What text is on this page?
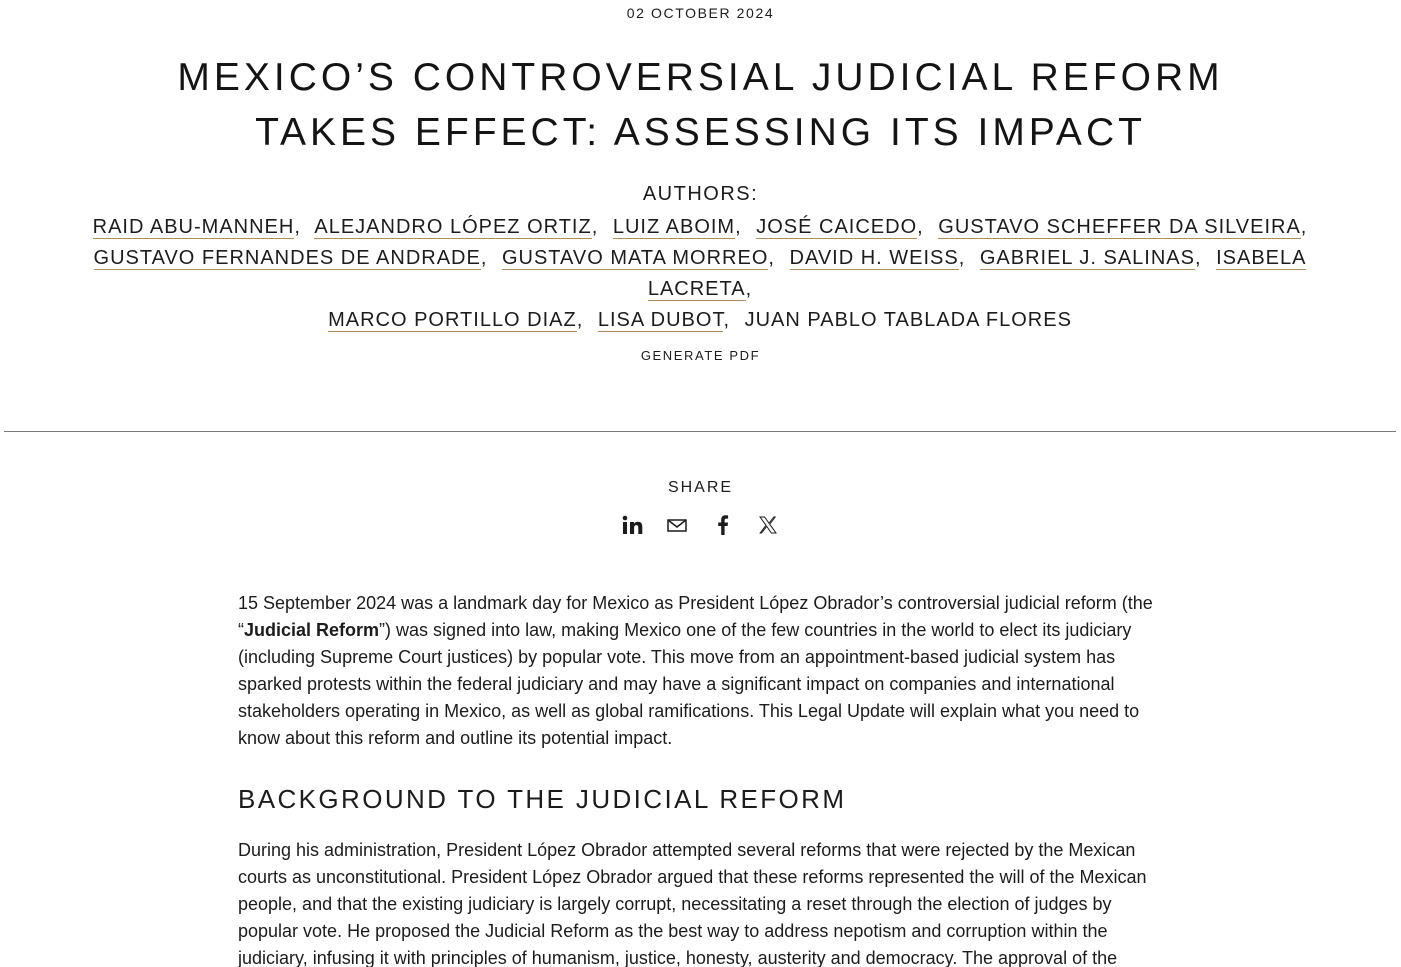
02 OCTOBER 2024
MEXICO’S CONTROVERSIAL JUDICIAL REFORM
TAKES EFFECT: ASSESSING ITS IMPACT
AUTHORS:
RAID ABU-MANNEH, ALEJANDRO LÓPEZ ORTIZ, LUIZ ABOIM, JOSÉ CAICEDO, GUSTAVO SCHEFFER DA SILVEIRA,
GUSTAVO FERNANDES DE ANDRADE, GUSTAVO MATA MORREO, DAVID H. WEISS, GABRIEL J. SALINAS, ISABELA LACRETA,
MARCO PORTILLO DIAZ, LISA DUBOT, JUAN PABLO TABLADA FLORES
GENERATE PDF
SHARE

15 September 2024 was a landmark day for Mexico as President López Obrador’s controversial judicial reform (the “Judicial Reform”) was signed into law, making Mexico one of the few countries in the world to elect its judiciary (including Supreme Court justices) by popular vote. This move from an appointment-based judicial system has sparked protests within the federal judiciary and may have a significant impact on companies and international stakeholders operating in Mexico, as well as global ramifications. This Legal Update will explain what you need to know about this reform and outline its potential impact.

BACKGROUND TO THE JUDICIAL REFORM

During his administration, President López Obrador attempted several reforms that were rejected by the Mexican courts as unconstitutional. President López Obrador argued that these reforms represented the will of the Mexican people, and that the existing judiciary is largely corrupt, necessitating a reset through the election of judges by popular vote. He proposed the Judicial Reform as the best way to address nepotism and corruption within the judiciary, infusing it with principles of humanism, justice, honesty, austerity and democracy. The approval of the
